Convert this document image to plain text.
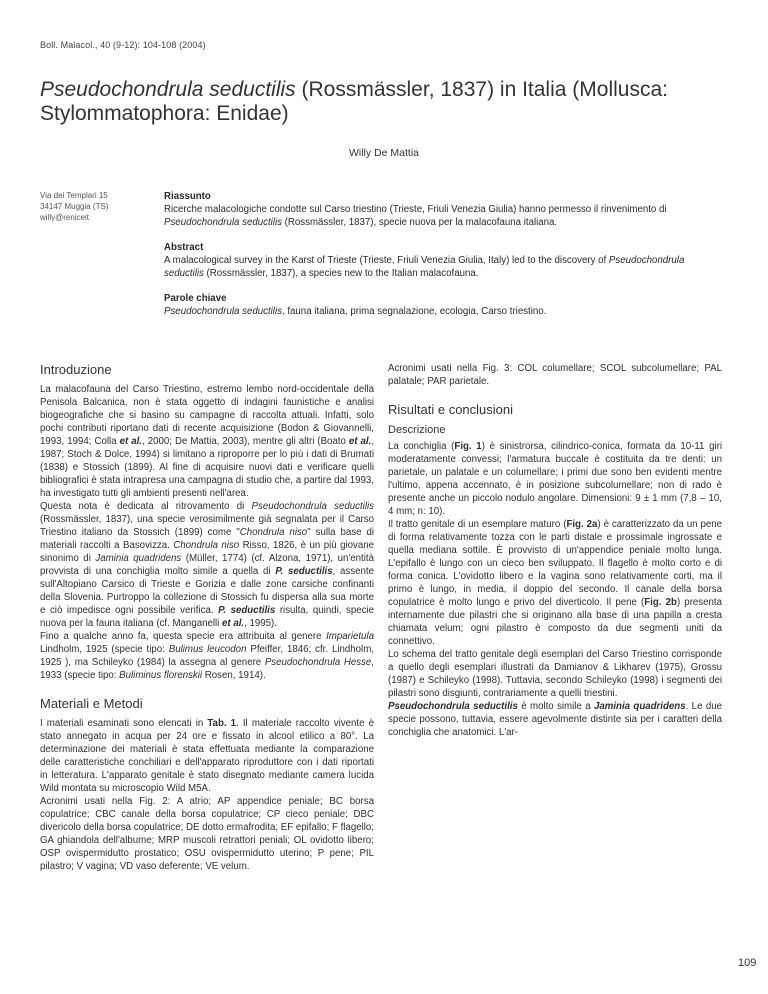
Boll. Malacol., 40 (9-12): 104-108 (2004)
Pseudochondrula seductilis (Rossmässler, 1837) in Italia (Mollusca: Stylommatophora: Enidae)
Willy De Mattia
Via dei Templari 15
34147 Muggia (TS)
willy@reniceit
Riassunto
Ricerche malacologiche condotte sul Carso triestino (Trieste, Friuli Venezia Giulia) hanno permesso il rinvenimento di Pseudochondrula seductilis (Rossmässler, 1837), specie nuova per la malacofauna italiana.
Abstract
A malacological survey in the Karst of Trieste (Trieste, Friuli Venezia Giulia, Italy) led to the discovery of Pseudochondrula seductilis (Rossmässler, 1837), a species new to the Italian malacofauna.
Parole chiave
Pseudochondrula seductilis, fauna italiana, prima segnalazione, ecologia, Carso triestino.
Introduzione

La malacofauna del Carso Triestino, estremo lembo nord-occidentale della Penisola Balcanica, non è stata oggetto di indagini faunistiche e analisi biogeografiche che si basino su campagne di raccolta attuali. Infatti, solo pochi contributi riportano dati di recente acquisizione (Bodon & Giovannelli, 1993, 1994; Colla et al., 2000; De Mattia, 2003), mentre gli altri (Boato et al., 1987; Stoch & Dolce, 1994) si limitano a riproporre per lo più i dati di Brumati (1838) e Stossich (1899). Al fine di acquisire nuovi dati e verificare quelli bibliografici è stata intrapresa una campagna di studio che, a partire dal 1993, ha investigato tutti gli ambienti presenti nell'area.

Questa nota è dedicata al ritrovamento di Pseudochondrula seductilis (Rossmässler, 1837), una specie verosimilmente già segnalata per il Carso Triestino italiano da Stossich (1899) come "Chondrula niso" sulla base di materiali raccolti a Basovizza. Chondrula niso Risso, 1826, è un più giovane sinonimo di Jaminia quadridens (Müller, 1774) (cf. Alzona, 1971), un'entità provvista di una conchiglia molto simile a quella di P. seductilis, assente sull'Altopiano Carsico di Trieste e Gorizia e dalle zone carsiche confinanti della Slovenia. Purtroppo la collezione di Stossich fu dispersa alla sua morte e ciò impedisce ogni possibile verifica. P. seductilis risulta, quindi, specie nuova per la fauna italiana (cf. Manganelli et al., 1995).

Fino a qualche anno fa, questa specie era attribuita al genere Imparietula Lindholm, 1925 (specie tipo: Bulimus leucodon Pfeiffer, 1846; cfr. Lindholm, 1925 ), ma Schileyko (1984) la assegna al genere Pseudochondrula Hesse, 1933 (specie tipo: Buliminus florenskii Rosen, 1914).

Materiali e Metodi

I materiali esaminati sono elencati in Tab. 1. Il materiale raccolto vivente è stato annegato in acqua per 24 ore e fissato in alcool etilico a 80°. La determinazione dei materiali è stata effettuata mediante la comparazione delle caratteristiche conchiliari e dell'apparato riproduttore con i dati riportati in letteratura. L'apparato genitale è stato disegnato mediante camera lucida Wild montata su microscopio Wild M5A.

Acronimi usati nella Fig. 2: A atrio; AP appendice peniale; BC borsa copulatrice; CBC canale della borsa copulatrice; CP cieco peniale; DBC divericolo della borsa copulatrice; DE dotto ermafrodita; EF epifallo; F flagello; GA ghiandola dell'albume; MRP muscoli retrattori peniali; OL ovidotto libero; OSP ovispermidutto prostatico; OSU ovispermidutto uterino; P pene; PIL pilastro; V vagina; VD vaso deferente; VE velum.

Acronimi usati nella Fig. 3: COL columellare; SCOL subcolumellare; PAL palatale; PAR parietale.

Risultati e conclusioni
Descrizione

La conchiglia (Fig. 1) è sinistrorsa, cilindrico-conica, formata da 10-11 giri moderatamente convessi; l'armatura buccale è costituita da tre denti: un parietale, un palatale e un columellare; i primi due sono ben evidenti mentre l'ultimo, appena accennato, è in posizione subcolumellare; non di rado è presente anche un piccolo nodulo angolare. Dimensioni: 9 ± 1 mm (7,8 – 10, 4 mm; n: 10).

Il tratto genitale di un esemplare maturo (Fig. 2a) è caratterizzato da un pene di forma relativamente tozza con le parti distale e prossimale ingrossate e quella mediana sottile. È provvisto di un'appendice peniale molto lunga. L'epifallo è lungo con un cieco ben sviluppato. Il flagello è molto corto e di forma conica. L'ovidotto libero e la vagina sono relativamente corti, ma il primo è lungo, in media, il doppio del secondo. Il canale della borsa copulatrice è molto lungo e privo del diverticolo. Il pene (Fig. 2b) presenta internamente due pilastri che si originano alla base di una papilla a cresta chiamata velum; ogni pilastro è composto da due segmenti uniti da connettivo.

Lo schema del tratto genitale degli esemplari del Carso Triestino corrisponde a quello degli esemplari illustrati da Damianov & Likharev (1975), Grossu (1987) e Schileyko (1998). Tuttavia, secondo Schileyko (1998) i segmenti dei pilastri sono disgiunti, contrariamente a quelli triestini.

Pseudochondrula seductilis è molto simile a Jaminia quadridens. Le due specie possono, tuttavia, essere agevolmente distinte sia per i caratteri della conchiglia che anatomici. L'ar-

109
